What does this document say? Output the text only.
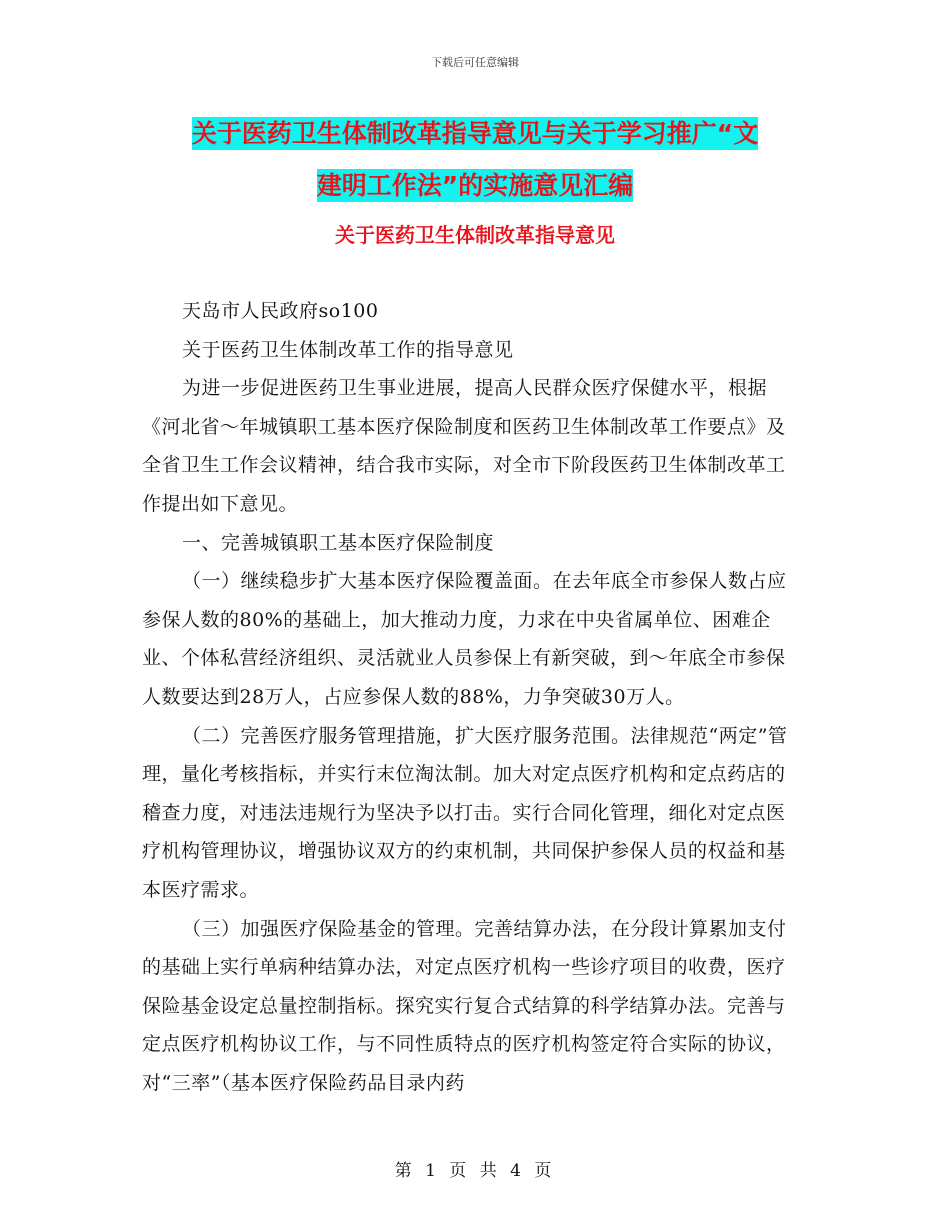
下载后可任意编辑
关于医药卫生体制改革指导意见与关于学习推广“文
建明工作法”的实施意见汇编
关于医药卫生体制改革指导意见

天岛市人民政府so100

关于医药卫生体制改革工作的指导意见

为进一步促进医药卫生事业进展，提高人民群众医疗保健水平，根据《河北省～年城镇职工基本医疗保险制度和医药卫生体制改革工作要点》及全省卫生工作会议精神，结合我市实际，对全市下阶段医药卫生体制改革工作提出如下意见。

一、完善城镇职工基本医疗保险制度

（一）继续稳步扩大基本医疗保险覆盖面。在去年底全市参保人数占应参保人数的80%的基础上，加大推动力度，力求在中央省属单位、困难企业、个体私营经济组织、灵活就业人员参保上有新突破，到～年底全市参保人数要达到28万人，占应参保人数的88%，力争突破30万人。

（二）完善医疗服务管理措施，扩大医疗服务范围。法律规范“两定”管理，量化考核指标，并实行末位淘汰制。加大对定点医疗机构和定点药店的稽查力度，对违法违规行为坚决予以打击。实行合同化管理，细化对定点医疗机构管理协议，增强协议双方的约束机制，共同保护参保人员的权益和基本医疗需求。

（三）加强医疗保险基金的管理。完善结算办法，在分段计算累加支付的基础上实行单病种结算办法，对定点医疗机构一些诊疗项目的收费，医疗保险基金设定总量控制指标。探究实行复合式结算的科学结算办法。完善与定点医疗机构协议工作，与不同性质特点的医疗机构签定符合实际的协议，对“三率”（基本医疗保险药品目录内药

第 1 页 共 4 页
